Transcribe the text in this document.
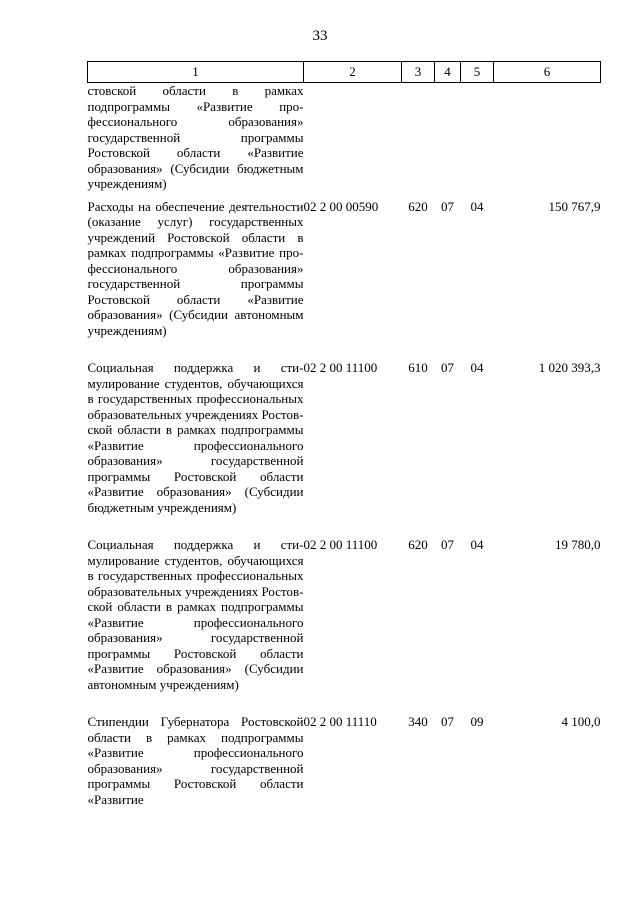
33
1	2	3	4	5	6
стовской области в рамках подпрограммы «Развитие профессионального образования» государственной программы Ростовской области «Развитие образования» (Субсидии бюджетным учреждениям)					
Расходы на обеспечение деятельности (оказание услуг) государственных учреждений Ростовской области в рамках подпрограммы «Развитие профессионального образования» государственной программы Ростовской области «Развитие образования» (Субсидии автономным учреждениям)	02 2 00 00590	620	07	04	150 767,9
Социальная поддержка и стимулирование студентов, обучающихся в государственных профессиональных образовательных учреждениях Ростовской области в рамках подпрограммы «Развитие профессионального образования» государственной программы Ростовской области «Развитие образования» (Субсидии бюджетным учреждениям)	02 2 00 11100	610	07	04	1 020 393,3
Социальная поддержка и стимулирование студентов, обучающихся в государственных профессиональных образовательных учреждениях Ростовской области в рамках подпрограммы «Развитие профессионального образования» государственной программы Ростовской области «Развитие образования» (Субсидии автономным учреждениям)	02 2 00 11100	620	07	04	19 780,0
Стипендии Губернатора Ростовской области в рамках подпрограммы «Развитие профессионального образования» государственной программы Ростовской области «Развитие	02 2 00 11110	340	07	09	4 100,0
